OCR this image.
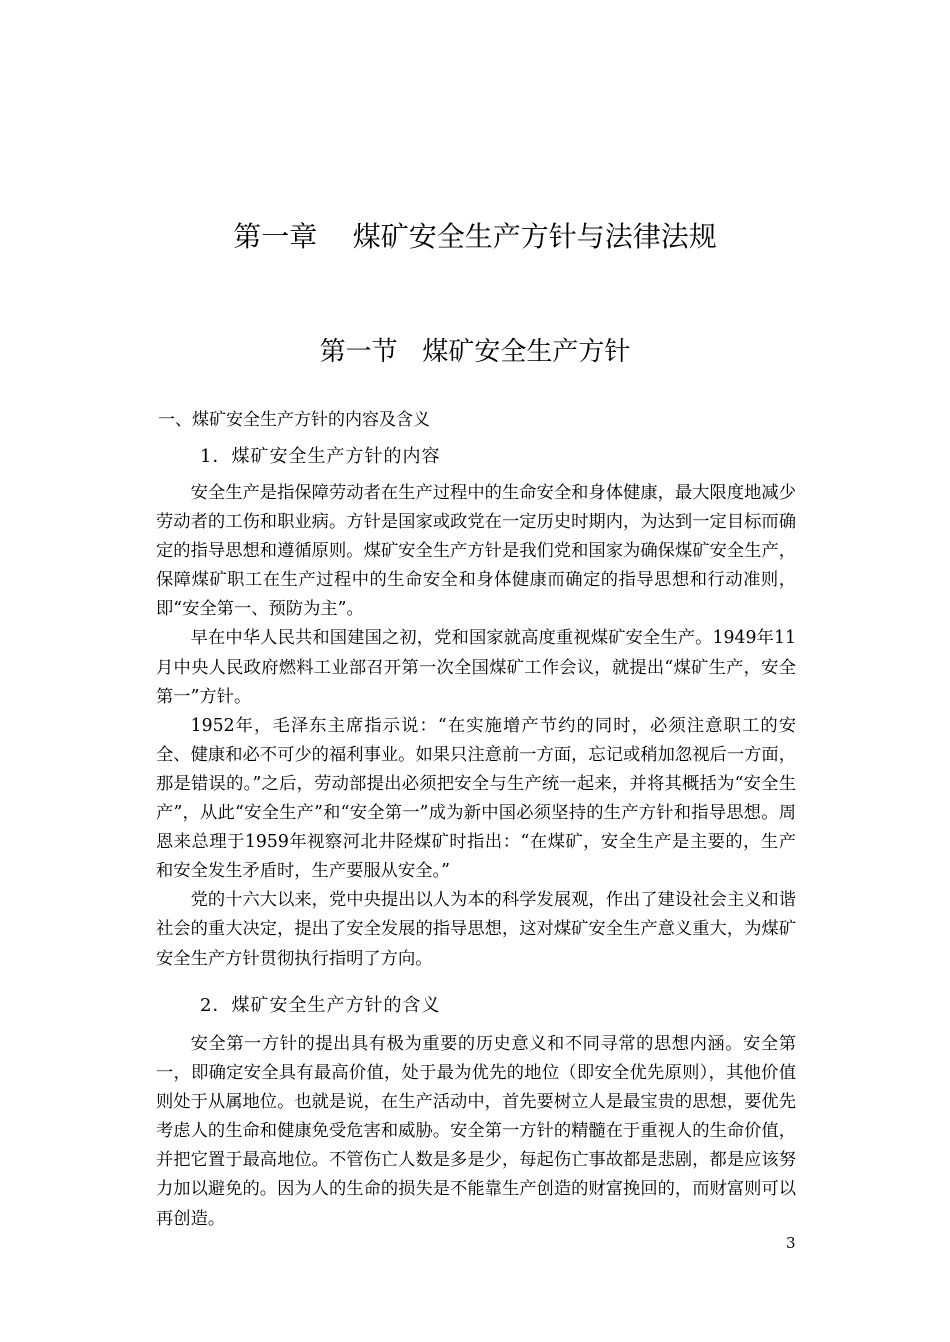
第一章    煤矿安全生产方针与法律法规
第一节   煤矿安全生产方针
一、煤矿安全生产方针的内容及含义
1．煤矿安全生产方针的内容

安全生产是指保障劳动者在生产过程中的生命安全和身体健康，最大限度地减少劳动者的工伤和职业病。方针是国家或政党在一定历史时期内，为达到一定目标而确定的指导思想和遵循原则。煤矿安全生产方针是我们党和国家为确保煤矿安全生产，保障煤矿职工在生产过程中的生命安全和身体健康而确定的指导思想和行动准则，即“安全第一、预防为主”。

早在中华人民共和国建国之初，党和国家就高度重视煤矿安全生产。1949年11月中央人民政府燃料工业部召开第一次全国煤矿工作会议，就提出“煤矿生产，安全第一”方针。

1952年，毛泽东主席指示说：“在实施增产节约的同时，必须注意职工的安全、健康和必不可少的福利事业。如果只注意前一方面，忘记或稍加忽视后一方面，那是错误的。”之后，劳动部提出必须把安全与生产统一起来，并将其概括为“安全生产”，从此“安全生产”和“安全第一”成为新中国必须坚持的生产方针和指导思想。周恩来总理于1959年视察河北井陉煤矿时指出：“在煤矿，安全生产是主要的，生产和安全发生矛盾时，生产要服从安全。”

党的十六大以来，党中央提出以人为本的科学发展观，作出了建设社会主义和谐社会的重大决定，提出了安全发展的指导思想，这对煤矿安全生产意义重大，为煤矿安全生产方针贯彻执行指明了方向。

2．煤矿安全生产方针的含义

安全第一方针的提出具有极为重要的历史意义和不同寻常的思想内涵。安全第一，即确定安全具有最高价值，处于最为优先的地位（即安全优先原则），其他价值则处于从属地位。也就是说，在生产活动中，首先要树立人是最宝贵的思想，要优先考虑人的生命和健康免受危害和威胁。安全第一方针的精髓在于重视人的生命价值，并把它置于最高地位。不管伤亡人数是多是少，每起伤亡事故都是悲剧，都是应该努力加以避免的。因为人的生命的损失是不能靠生产创造的财富挽回的，而财富则可以再创造。

3
